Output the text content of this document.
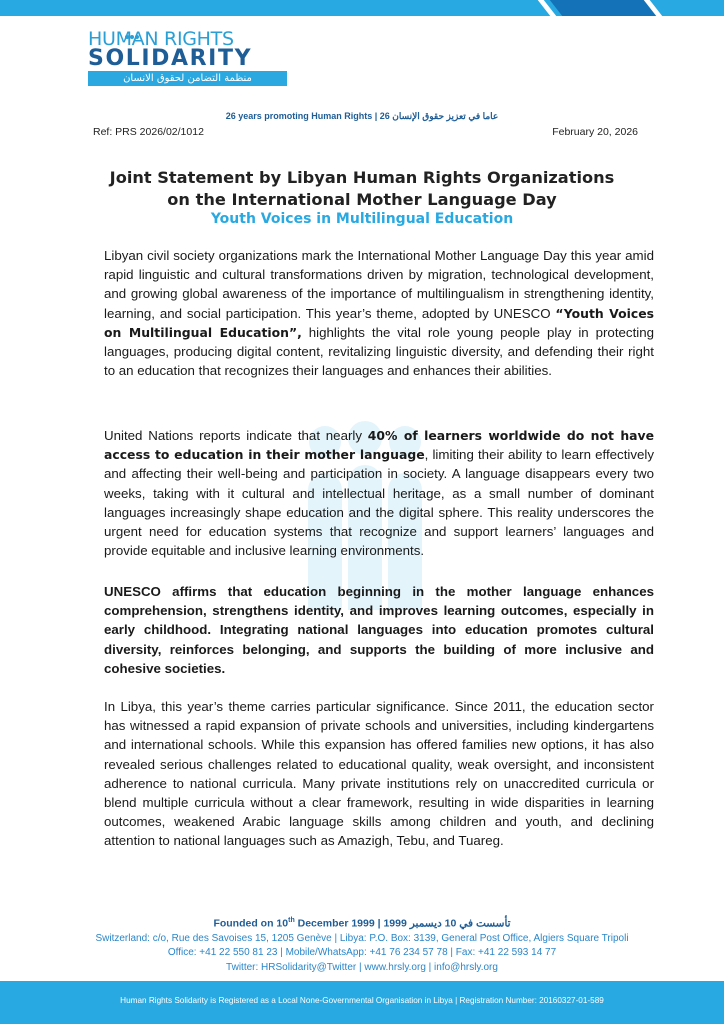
HUMAN RIGHTS
SOLIDARITY
منظمة التضامن لحقوق الانسان
26 years promoting Human Rights | 26 عاما في تعزيز حقوق الإنسان
Ref: PRS 2026/02/1012	February 20, 2026
Joint Statement by Libyan Human Rights Organizations
on the International Mother Language Day
Youth Voices in Multilingual Education

Libyan civil society organizations mark the International Mother Language Day this year amid rapid linguistic and cultural transformations driven by migration, technological development, and growing global awareness of the importance of multilingualism in strengthening identity, learning, and social participation. This year’s theme, adopted by UNESCO “Youth Voices on Multilingual Education”, highlights the vital role young people play in protecting languages, producing digital content, revitalizing linguistic diversity, and defending their right to an education that recognizes their languages and enhances their abilities.

United Nations reports indicate that nearly 40% of learners worldwide do not have access to education in their mother language, limiting their ability to learn effectively and affecting their well-being and participation in society. A language disappears every two weeks, taking with it cultural and intellectual heritage, as a small number of dominant languages increasingly shape education and the digital sphere. This reality underscores the urgent need for education systems that recognize and support learners’ languages and provide equitable and inclusive learning environments.

UNESCO affirms that education beginning in the mother language enhances comprehension, strengthens identity, and improves learning outcomes, especially in early childhood. Integrating national languages into education promotes cultural diversity, reinforces belonging, and supports the building of more inclusive and cohesive societies.

In Libya, this year’s theme carries particular significance. Since 2011, the education sector has witnessed a rapid expansion of private schools and universities, including kindergartens and international schools. While this expansion has offered families new options, it has also revealed serious challenges related to educational quality, weak oversight, and inconsistent adherence to national curricula. Many private institutions rely on unaccredited curricula or blend multiple curricula without a clear framework, resulting in wide disparities in learning outcomes, weakened Arabic language skills among children and youth, and declining attention to national languages such as Amazigh, Tebu, and Tuareg.

Founded on 10th December 1999 | 1999 تأسست في 10 ديسمبر
Switzerland: c/o, Rue des Savoises 15, 1205 Genève | Libya: P.O. Box: 3139, General Post Office, Algiers Square Tripoli
Office: +41 22 550 81 23 | Mobile/WhatsApp: +41 76 234 57 78 | Fax: +41 22 593 14 77
Twitter: HRSolidarity@Twitter | www.hrsly.org | info@hrsly.org
Human Rights Solidarity is Registered as a Local None-Governmental Organisation in Libya | Registration Number: 20160327-01-589
